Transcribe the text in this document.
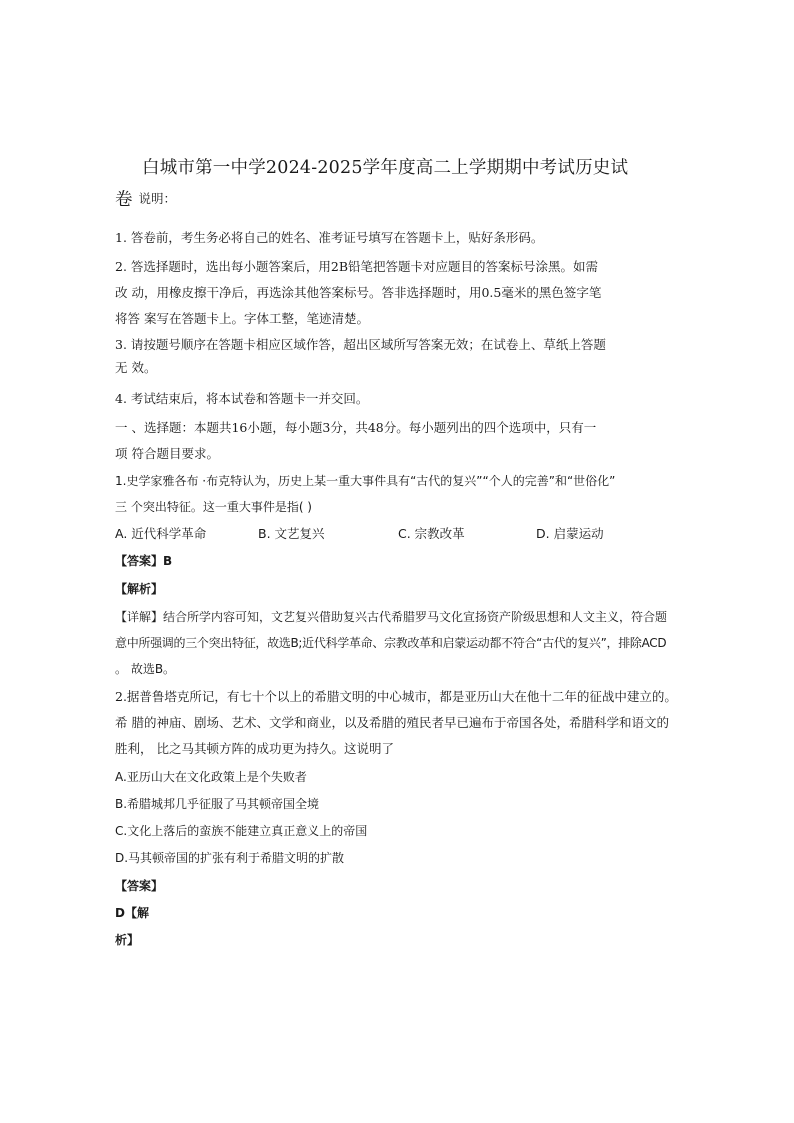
白城市第一中学2024-2025学年度高二上学期期中考试历史试
卷 说明：
1. 答卷前，考生务必将自己的姓名、准考证号填写在答题卡上，贴好条形码。
2. 答选择题时，选出每小题答案后，用2B铅笔把答题卡对应题目的答案标号涂黑。如需
改 动，用橡皮擦干净后，再选涂其他答案标号。答非选择题时，用0.5毫米的黑色签字笔
将答 案写在答题卡上。字体工整，笔迹清楚。
3. 请按题号顺序在答题卡相应区域作答，超出区域所写答案无效；在试卷上、草纸上答题
无 效。
4. 考试结束后，将本试卷和答题卡一并交回。
一 、选择题：本题共16小题，每小题3分，共48分。每小题列出的四个选项中，只有一
项 符合题目要求。
1.史学家雅各布 ·布克特认为，历史上某一重大事件具有“古代的复兴”“个人的完善”和“世俗化”
三 个突出特征。这一重大事件是指( )
A. 近代科学革命	B. 文艺复兴	C. 宗教改革	D. 启蒙运动
【答案】B
【解析】
【详解】结合所学内容可知，文艺复兴借助复兴古代希腊罗马文化宣扬资产阶级思想和人文主义，符合题
意中所强调的三个突出特征，故选B;近代科学革命、宗教改革和启蒙运动都不符合“古代的复兴”，排除ACD
。 故选B。
2.据普鲁塔克所记，有七十个以上的希腊文明的中心城市，都是亚历山大在他十二年的征战中建立的。
希 腊的神庙、剧场、艺术、文学和商业，以及希腊的殖民者早已遍布于帝国各处，希腊科学和语文的
胜利， 比之马其顿方阵的成功更为持久。这说明了
A.亚历山大在文化政策上是个失败者
B.希腊城邦几乎征服了马其顿帝国全境
C.文化上落后的蛮族不能建立真正意义上的帝国
D.马其顿帝国的扩张有利于希腊文明的扩散
【答案】
D【解
析】
